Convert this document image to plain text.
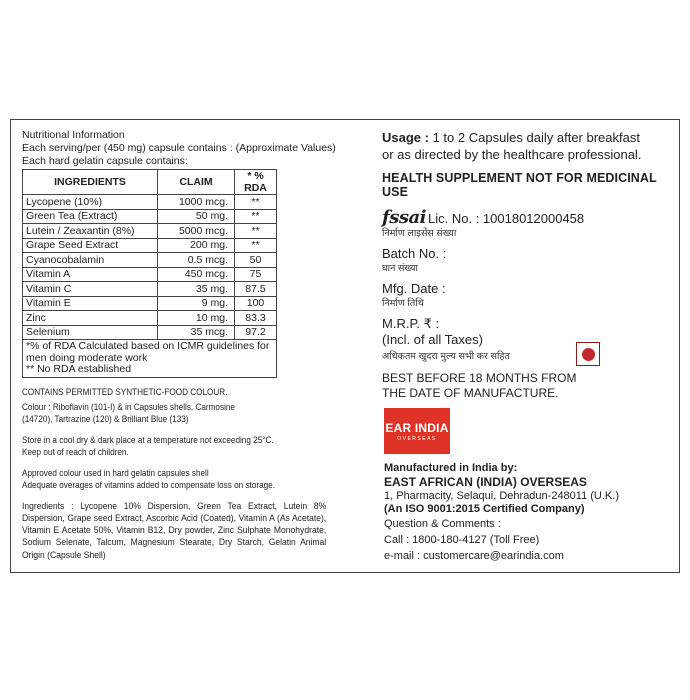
Nutritional Information

Each serving/per (450 mg) capsule contains : (Approximate Values)

Each hard gelatin capsule contains:

INGREDIENTS	CLAIM	* % RDA
Lycopene (10%)	1000 mcg.	**
Green Tea (Extract)	50 mg.	**
Lutein / Zeaxantin (8%)	5000 mcg.	**
Grape Seed Extract	200 mg.	**
Cyanocobalamin	0.5 mcg.	50
Vitamin A	450 mcg.	75
Vitamin C	35 mg.	87.5
Vitamin E	9 mg.	100
Zinc	10 mg.	83.3
Selenium	35 mcg.	97.2
*% of RDA Calculated based on ICMR guidelines for men doing moderate work
** No RDA established

CONTAINS PERMITTED SYNTHETIC-FOOD COLOUR.

Colour : Riboflavin (101-I) & in Capsules shells. Carmosine

(14720), Tartrazine (120) & Brilliant Blue (133)

Store in a cool dry & dark place at a temperature not exceeding 25°C.

Keep out of reach of children.

Approved colour used in hard gelatin capsules shell

Adequate overages of vitamins added to compensate loss on storage.

Ingredients : Lycopene 10% Dispersion, Green Tea Extract, Lutein 8% Dispersion, Grape seed Extract, Ascorbic Acid (Coated), Vitamin A (As Acetate), Vitamin E Acetate 50%, Vitamin B12, Dry powder, Zinc Sulphate Monohydrate, Sodium Selenate, Talcum, Magnesium Stearate, Dry Starch, Gelatin Animal Origin (Capsule Shell)

Usage : 1 to 2 Capsules daily after breakfast

or as directed by the healthcare professional.

HEALTH SUPPLEMENT NOT FOR MEDICINAL USE

fssai Lic. No. : 10018012000458

निर्माण लाइसेंस संख्या

Batch No. :

घान संख्या

Mfg. Date :

निर्माण तिथि

M.R.P. ₹ :

(Incl. of all Taxes)

अधिकतम खुदरा मुल्य सभी कर सहित

BEST BEFORE 18 MONTHS FROM

THE DATE OF MANUFACTURE.

EAR INDIA
OVERSEAS

Manufactured in India by:

EAST AFRICAN (INDIA) OVERSEAS

1, Pharmacity, Selaqui, Dehradun-248011 (U.K.)

(An ISO 9001:2015 Certified Company)

Question & Comments :

Call : 1800-180-4127 (Toll Free)

e-mail : customercare@earindia.com
